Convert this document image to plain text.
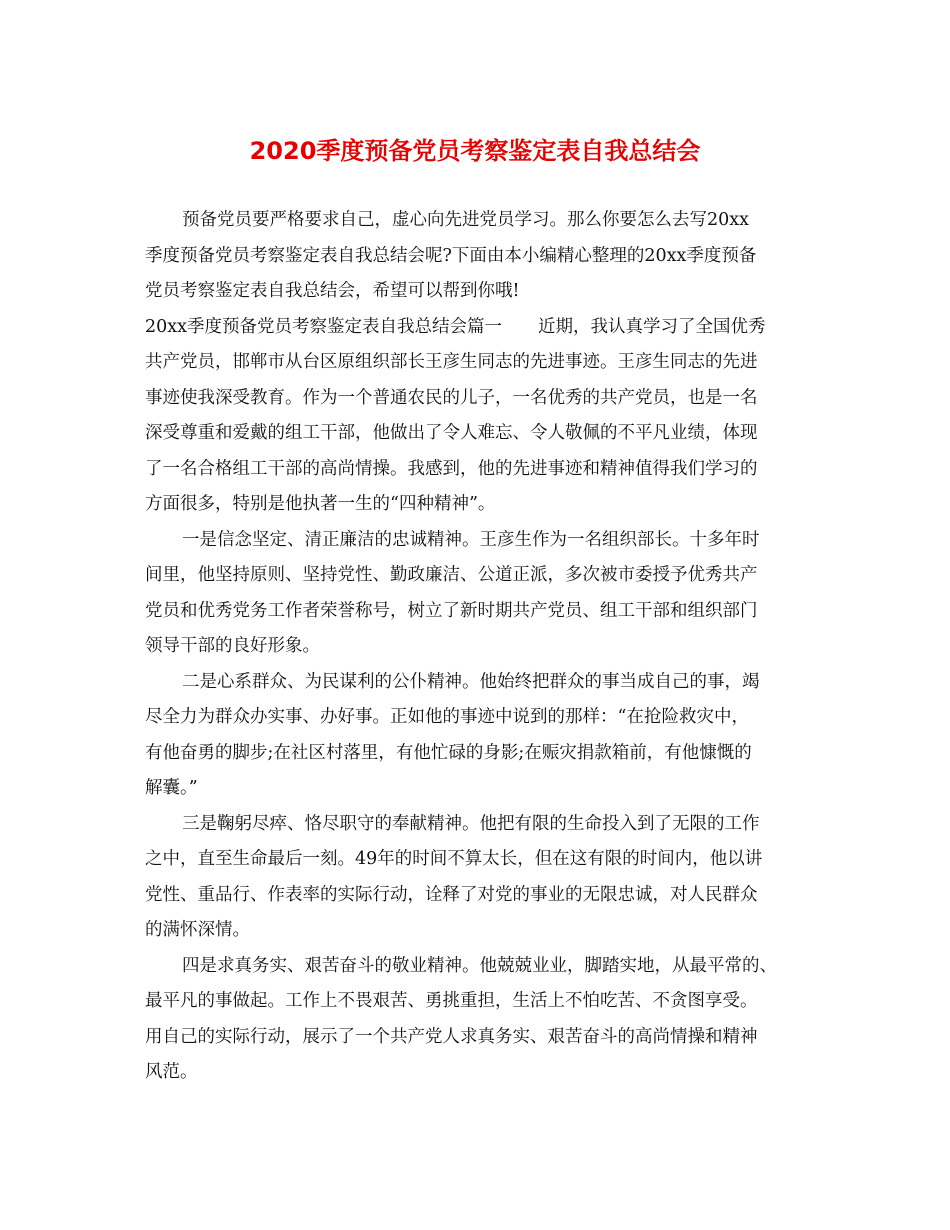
2020季度预备党员考察鉴定表自我总结会
预备党员要严格要求自己，虚心向先进党员学习。那么你要怎么去写20xx
季度预备党员考察鉴定表自我总结会呢?下面由本小编精心整理的20xx季度预备
党员考察鉴定表自我总结会，希望可以帮到你哦!
20xx季度预备党员考察鉴定表自我总结会篇一 近期，我认真学习了全国优秀
共产党员，邯郸市从台区原组织部长王彦生同志的先进事迹。王彦生同志的先进
事迹使我深受教育。作为一个普通农民的儿子，一名优秀的共产党员，也是一名
深受尊重和爱戴的组工干部，他做出了令人难忘、令人敬佩的不平凡业绩，体现
了一名合格组工干部的高尚情操。我感到，他的先进事迹和精神值得我们学习的
方面很多，特别是他执著一生的“四种精神”。
一是信念坚定、清正廉洁的忠诚精神。王彦生作为一名组织部长。十多年时
间里，他坚持原则、坚持党性、勤政廉洁、公道正派，多次被市委授予优秀共产
党员和优秀党务工作者荣誉称号，树立了新时期共产党员、组工干部和组织部门
领导干部的良好形象。
二是心系群众、为民谋利的公仆精神。他始终把群众的事当成自己的事，竭
尽全力为群众办实事、办好事。正如他的事迹中说到的那样：“在抢险救灾中，
有他奋勇的脚步;在社区村落里，有他忙碌的身影;在赈灾捐款箱前，有他慷慨的
解囊。”
三是鞠躬尽瘁、恪尽职守的奉献精神。他把有限的生命投入到了无限的工作
之中，直至生命最后一刻。49年的时间不算太长，但在这有限的时间内，他以讲
党性、重品行、作表率的实际行动，诠释了对党的事业的无限忠诚，对人民群众
的满怀深情。
四是求真务实、艰苦奋斗的敬业精神。他兢兢业业，脚踏实地，从最平常的、
最平凡的事做起。工作上不畏艰苦、勇挑重担，生活上不怕吃苦、不贪图享受。
用自己的实际行动，展示了一个共产党人求真务实、艰苦奋斗的高尚情操和精神
风范。
